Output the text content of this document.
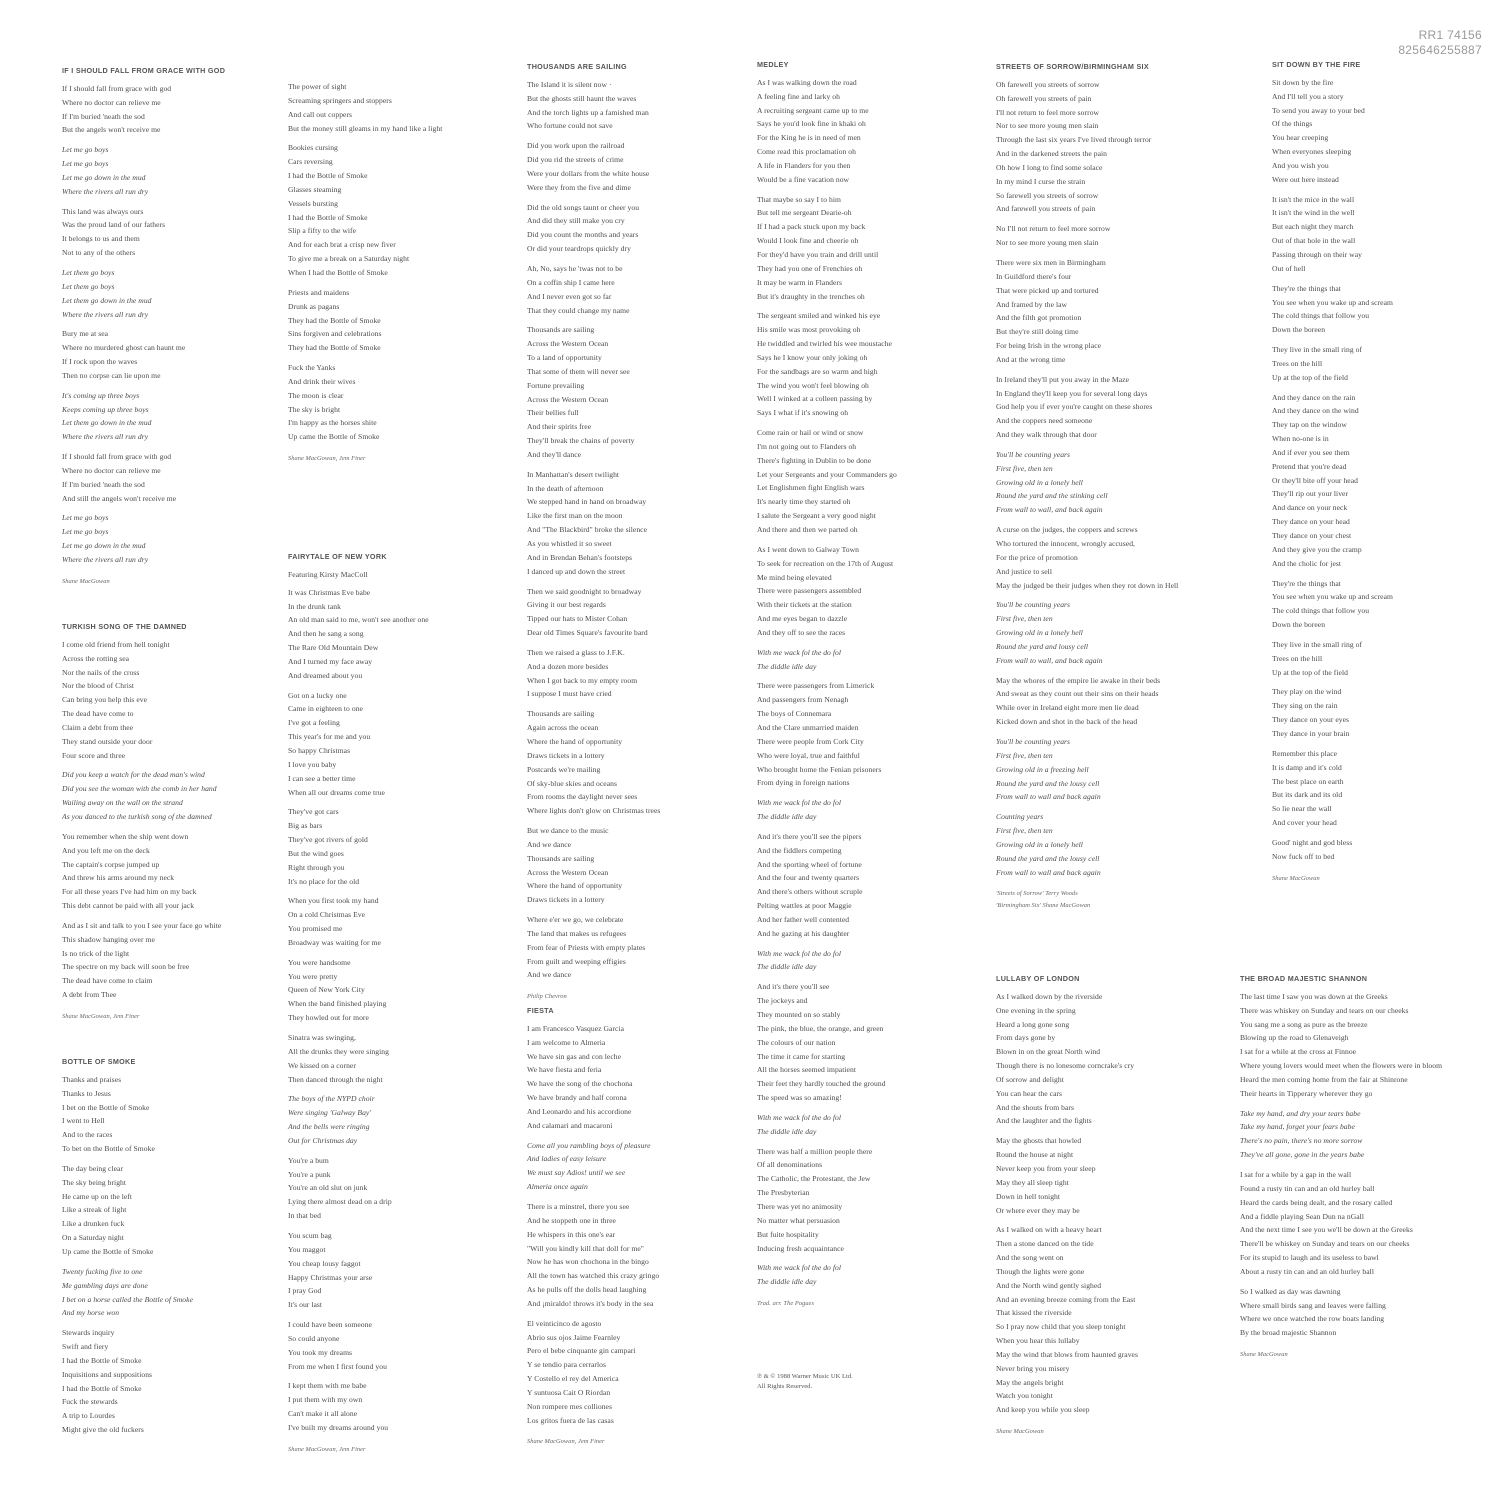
RR1 74156
825646255887
IF I SHOULD FALL FROM GRACE WITH GOD
If I should fall from grace with god
Where no doctor can relieve me
If I'm buried 'neath the sod
But the angels won't receive me
Let me go boys
Let me go boys
Let me go down in the mud
Where the rivers all run dry
This land was always ours
Was the proud land of our fathers
It belongs to us and them
Not to any of the others
Let them go boys
Let them go boys
Let them go down in the mud
Where the rivers all run dry
Bury me at sea
Where no murdered ghost can haunt me
If I rock upon the waves
Then no corpse can lie upon me
It's coming up three boys
Keeps coming up three boys
Let them go down in the mud
Where the rivers all run dry
If I should fall from grace with god
Where no doctor can relieve me
If I'm buried 'neath the sod
And still the angels won't receive me
Let me go boys
Let me go boys
Let me go down in the mud
Where the rivers all run dry
Shane MacGowan
TURKISH SONG OF THE DAMNED
I come old friend from hell tonight
Across the rotting sea
Nor the nails of the cross
Nor the blood of Christ
Can bring you help this eve
The dead have come to
Claim a debt from thee
They stand outside your door
Four score and three
Did you keep a watch for the dead man's wind
Did you see the woman with the comb in her hand
Wailing away on the wall on the strand
As you danced to the turkish song of the damned
You remember when the ship went down
And you left me on the deck
The captain's corpse jumped up
And threw his arms around my neck
For all these years I've had him on my back
This debt cannot be paid with all your jack
And as I sit and talk to you I see your face go white
This shadow hanging over me
Is no trick of the light
The spectre on my back will soon be free
The dead have come to claim
A debt from Thee
Shane MacGowan, Jem Finer
BOTTLE OF SMOKE
Thanks and praises
Thanks to Jesus
I bet on the Bottle of Smoke
I went to Hell
And to the races
To bet on the Bottle of Smoke
The day being clear
The sky being bright
He came up on the left
Like a streak of light
Like a drunken fuck
On a Saturday night
Up came the Bottle of Smoke
Twenty fucking five to one
Me gambling days are done
I bet on a horse called the Bottle of Smoke
And my horse won
Stewards inquiry
Swift and fiery
I had the Bottle of Smoke
Inquisitions and suppositions
I had the Bottle of Smoke
Fuck the stewards
A trip to Lourdes
Might give the old fuckers
The power of sight
Screaming springers and stoppers
And call out coppers
But the money still gleams in my hand like a light
Bookies cursing
Cars reversing
I had the Bottle of Smoke
Glasses steaming
Vessels bursting
I had the Bottle of Smoke
Slip a fifty to the wife
And for each brat a crisp new fiver
To give me a break on a Saturday night
When I had the Bottle of Smoke
Priests and maidens
Drunk as pagans
They had the Bottle of Smoke
Sins forgiven and celebrations
They had the Bottle of Smoke
Fuck the Yanks
And drink their wives
The moon is clear
The sky is bright
I'm happy as the horses shite
Up came the Bottle of Smoke
Shane MacGowan, Jem Finer
FAIRYTALE OF NEW YORK
Featuring Kirsty MacColl
It was Christmas Eve babe
In the drunk tank
An old man said to me, won't see another one
And then he sang a song
The Rare Old Mountain Dew
And I turned my face away
And dreamed about you
Got on a lucky one
Came in eighteen to one
I've got a feeling
This year's for me and you
So happy Christmas
I love you baby
I can see a better time
When all our dreams come true
They've got cars
Big as bars
They've got rivers of gold
But the wind goes
Right through you
It's no place for the old
When you first took my hand
On a cold Christmas Eve
You promised me
Broadway was waiting for me
You were handsome
You were pretty
Queen of New York City
When the band finished playing
They howled out for more
Sinatra was swinging,
All the drunks they were singing
We kissed on a corner
Then danced through the night
The boys of the NYPD choir
Were singing 'Galway Bay'
And the bells were ringing
Out for Christmas day
You're a bum
You're a punk
You're an old slut on junk
Lying there almost dead on a drip
In that bed
You scum bag
You maggot
You cheap lousy faggot
Happy Christmas your arse
I pray God
It's our last
I could have been someone
So could anyone
You took my dreams
From me when I first found you
I kept them with me babe
I put them with my own
Can't make it all alone
I've built my dreams around you
Shane MacGowan, Jem Finer
THOUSANDS ARE SAILING
The Island it is silent now ·
But the ghosts still haunt the waves
And the torch lights up a famished man
Who fortune could not save
Did you work upon the railroad
Did you rid the streets of crime
Were your dollars from the white house
Were they from the five and dime
Did the old songs taunt or cheer you
And did they still make you cry
Did you count the months and years
Or did your teardrops quickly dry
Ah, No, says he 'twas not to be
On a coffin ship I came here
And I never even got so far
That they could change my name
Thousands are sailing
Across the Western Ocean
To a land of opportunity
That some of them will never see
Fortune prevailing
Across the Western Ocean
Their bellies full
And their spirits free
They'll break the chains of poverty
And they'll dance
In Manhattan's desert twilight
In the death of afternoon
We stepped hand in hand on broadway
Like the first man on the moon
And "The Blackbird" broke the silence
As you whistled it so sweet
And in Brendan Behan's footsteps
I danced up and down the street
Then we said goodnight to broadway
Giving it our best regards
Tipped our hats to Mister Cohan
Dear old Times Square's favourite bard
Then we raised a glass to J.F.K.
And a dozen more besides
When I got back to my empty room
I suppose I must have cried
Thousands are sailing
Again across the ocean
Where the hand of opportunity
Draws tickets in a lottery
Postcards we're mailing
Of sky-blue skies and oceans
From rooms the daylight never sees
Where lights don't glow on Christmas trees
But we dance to the music
And we dance
Thousands are sailing
Across the Western Ocean
Where the hand of opportunity
Draws tickets in a lottery
Where e'er we go, we celebrate
The land that makes us refugees
From fear of Priests with empty plates
From guilt and weeping effigies
And we dance
Philip Chevron
FIESTA
I am Francesco Vasquez Garcia
I am welcome to Almeria
We have sin gas and con leche
We have fiesta and feria
We have the song of the chochona
We have brandy and half corona
And Leonardo and his accordione
And calamari and macaroni
Come all you rambling boys of pleasure
And ladies of easy leisure
We must say Adios! until we see
Almeria once again
There is a minstrel, there you see
And he stoppeth one in three
He whispers in this one's ear
"Will you kindly kill that doll for me"
Now he has won chochona in the bingo
All the town has watched this crazy gringo
As he pulls off the dolls head laughing
And ¡miraldo! throws it's body in the sea
El veinticinco de agosto
Abrio sus ojos Jaime Fearnley
Pero el bebe cinquante gin campari
Y se tendio para cerrarlos
Y Costello el rey del America
Y suntuosa Cait O Riordan
Non rompere mes colliones
Los gritos fuera de las casas
Shane MacGowan, Jem Finer
MEDLEY
As I was walking down the road
A feeling fine and larky oh
A recruiting sergeant came up to me
Says he you'd look fine in khaki oh
For the King he is in need of men
Come read this proclamation oh
A life in Flanders for you then
Would be a fine vacation now
That maybe so say I to him
But tell me sergeant Dearie-oh
If I had a pack stuck upon my back
Would I look fine and cheerie oh
For they'd have you train and drill until
They had you one of Frenchies oh
It may be warm in Flanders
But it's draughty in the trenches oh
The sergeant smiled and winked his eye
His smile was most provoking oh
He twiddled and twirled his wee moustache
Says he I know your only joking oh
For the sandbags are so warm and high
The wind you won't feel blowing oh
Well I winked at a colleen passing by
Says I what if it's snowing oh
Come rain or hail or wind or snow
I'm not going out to Flanders oh
There's fighting in Dublin to be done
Let your Sergeants and your Commanders go
Let Englishmen fight English wars
It's nearly time they started oh
I salute the Sergeant a very good night
And there and then we parted oh
As I went down to Galway Town
To seek for recreation on the 17th of August
Me mind being elevated
There were passengers assembled
With their tickets at the station
And me eyes began to dazzle
And they off to see the races
With me wack fol the do fol
The diddle idle day
There were passengers from Limerick
And passengers from Nenagh
The boys of Connemara
And the Clare unmarried maiden
There were people from Cork City
Who were loyal, true and faithful
Who brought home the Fenian prisoners
From dying in foreign nations
With me wack fol the do fol
The diddle idle day
And it's there you'll see the pipers
And the fiddlers competing
And the sporting wheel of fortune
And the four and twenty quarters
And there's others without scruple
Pelting wattles at poor Maggie
And her father well contented
And he gazing at his daughter
With me wack fol the do fol
The diddle idle day
And it's there you'll see
The jockeys and
They mounted on so stably
The pink, the blue, the orange, and green
The colours of our nation
The time it came for starting
All the horses seemed impatient
Their feet they hardly touched the ground
The speed was so amazing!
With me wack fol the do fol
The diddle idle day
There was half a million people there
Of all denominations
The Catholic, the Protestant, the Jew
The Presbyterian
There was yet no animosity
No matter what persuasion
But fuite hospitality
Inducing fresh acquaintance
With me wack fol the do fol
The diddle idle day
Trad. arr. The Pogues
℗ & © 1988 Warner Music UK Ltd.
All Rights Reserved.
STREETS OF SORROW/BIRMINGHAM SIX
Oh farewell you streets of sorrow
Oh farewell you streets of pain
I'll not return to feel more sorrow
Nor to see more young men slain
Through the last six years I've lived through terror
And in the darkened streets the pain
Oh how I long to find some solace
In my mind I curse the strain
So farewell you streets of sorrow
And farewell you streets of pain
No I'll not return to feel more sorrow
Nor to see more young men slain
There were six men in Birmingham
In Guildford there's four
That were picked up and tortured
And framed by the law
And the filth got promotion
But they're still doing time
For being Irish in the wrong place
And at the wrong time
In Ireland they'll put you away in the Maze
In England they'll keep you for several long days
God help you if ever you're caught on these shores
And the coppers need someone
And they walk through that door
You'll be counting years
First five, then ten
Growing old in a lonely hell
Round the yard and the stinking cell
From wall to wall, and back again
A curse on the judges, the coppers and screws
Who tortured the innocent, wrongly accused,
For the price of promotion
And justice to sell
May the judged be their judges when they rot down in Hell
You'll be counting years
First five, then ten
Growing old in a lonely hell
Round the yard and lousy cell
From wall to wall, and back again
May the whores of the empire lie awake in their beds
And sweat as they count out their sins on their heads
While over in Ireland eight more men lie dead
Kicked down and shot in the back of the head
You'll be counting years
First five, then ten
Growing old in a freezing hell
Round the yard and the lousy cell
From wall to wall and back again
Counting years
First five, then ten
Growing old in a lonely hell
Round the yard and the lousy cell
From wall to wall and back again
'Streets of Sorrow' Terry Woods
'Birmingham Six' Shane MacGowan
LULLABY OF LONDON
As I walked down by the riverside
One evening in the spring
Heard a long gone song
From days gone by
Blown in on the great North wind
Though there is no lonesome corncrake's cry
Of sorrow and delight
You can hear the cars
And the shouts from bars
And the laughter and the fights
May the ghosts that howled
Round the house at night
Never keep you from your sleep
May they all sleep tight
Down in hell tonight
Or where ever they may be
As I walked on with a heavy heart
Then a stone danced on the tide
And the song went on
Though the lights were gone
And the North wind gently sighed
And an evening breeze coming from the East
That kissed the riverside
So I pray now child that you sleep tonight
When you hear this lullaby
May the wind that blows from haunted graves
Never bring you misery
May the angels bright
Watch you tonight
And keep you while you sleep
Shane MacGowan
SIT DOWN BY THE FIRE
Sit down by the fire
And I'll tell you a story
To send you away to your bed
Of the things
You hear creeping
When everyones sleeping
And you wish you
Were out here instead
It isn't the mice in the wall
It isn't the wind in the well
But each night they march
Out of that hole in the wall
Passing through on their way
Out of hell
They're the things that
You see when you wake up and scream
The cold things that follow you
Down the boreen
They live in the small ring of
Trees on the hill
Up at the top of the field
And they dance on the rain
And they dance on the wind
They tap on the window
When no-one is in
And if ever you see them
Pretend that you're dead
Or they'll bite off your head
They'll rip out your liver
And dance on your neck
They dance on your head
They dance on your chest
And they give you the cramp
And the cholic for jest
They're the things that
You see when you wake up and scream
The cold things that follow you
Down the boreen
They live in the small ring of
Trees on the hill
Up at the top of the field
They play on the wind
They sing on the rain
They dance on your eyes
They dance in your brain
Remember this place
It is damp and it's cold
The best place on earth
But its dark and its old
So lie near the wall
And cover your head
Good' night and god bless
Now fuck off to bed
Shane MacGowan
THE BROAD MAJESTIC SHANNON
The last time I saw you was down at the Greeks
There was whiskey on Sunday and tears on our cheeks
You sang me a song as pure as the breeze
Blowing up the road to Glenaveigh
I sat for a while at the cross at Finnoe
Where young lovers would meet when the flowers were in bloom
Heard the men coming home from the fair at Shinrone
Their hearts in Tipperary wherever they go
Take my hand, and dry your tears babe
Take my hand, forget your fears babe
There's no pain, there's no more sorrow
They've all gone, gone in the years babe
I sat for a while by a gap in the wall
Found a rusty tin can and an old hurley ball
Heard the cards being dealt, and the rosary called
And a fiddle playing Sean Dun na nGall
And the next time I see you we'll be down at the Greeks
There'll be whiskey on Sunday and tears on our cheeks
For its stupid to laugh and its useless to bawl
About a rusty tin can and an old hurley ball
So I walked as day was dawning
Where small birds sang and leaves were falling
Where we once watched the row boats landing
By the broad majestic Shannon
Shane MacGowan
